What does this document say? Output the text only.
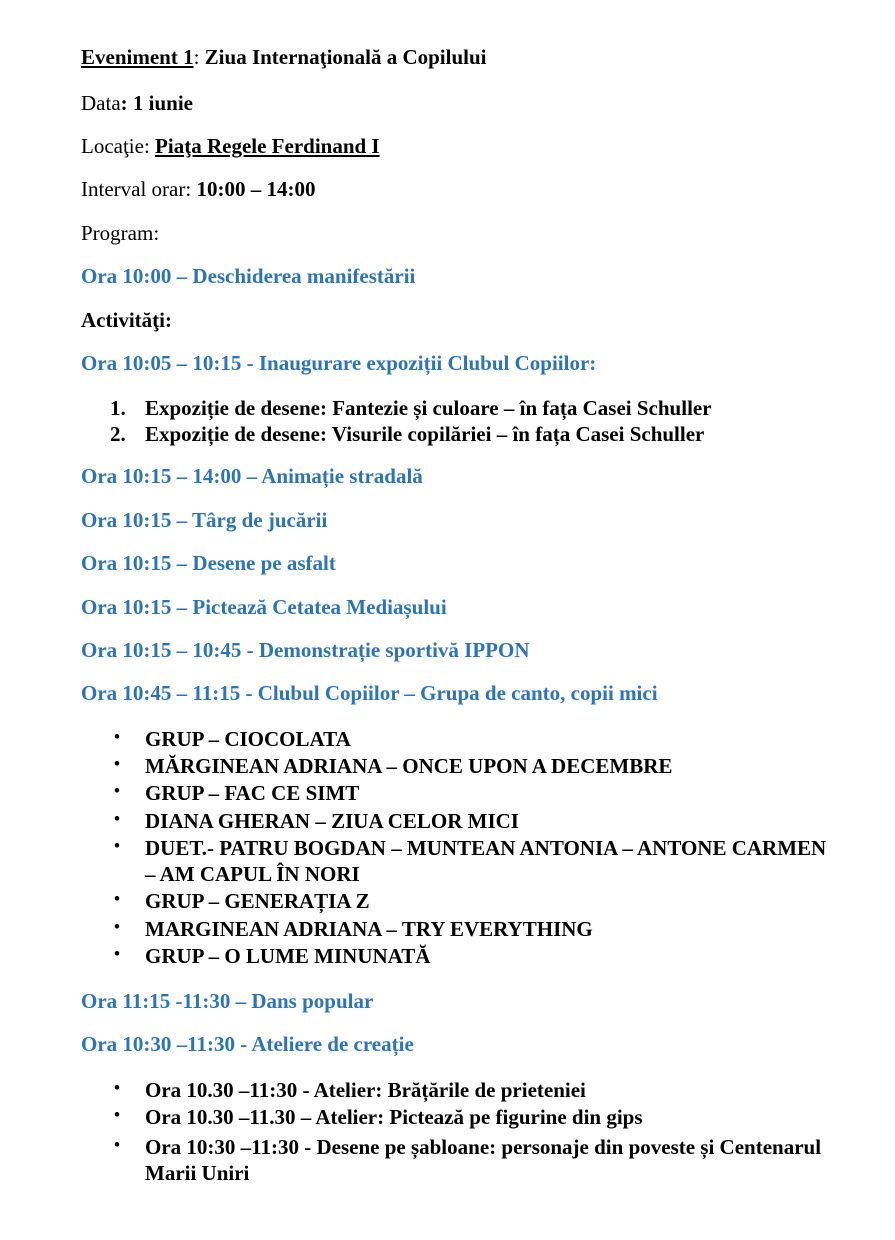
Eveniment 1: Ziua Internaţională a Copilului
Data: 1 iunie
Locaţie: Piaţa Regele Ferdinand I
Interval orar: 10:00 – 14:00
Program:
Ora 10:00 – Deschiderea manifestării
Activităţi:
Ora 10:05 – 10:15 - Inaugurare expoziții Clubul Copiilor:
1. Expoziție de desene: Fantezie și culoare – în fața Casei Schuller
2. Expoziție de desene: Visurile copilăriei – în fața Casei Schuller
Ora 10:15 – 14:00 – Animație stradală
Ora 10:15 – Târg de jucării
Ora 10:15 – Desene pe asfalt
Ora 10:15 – Pictează Cetatea Mediașului
Ora 10:15 – 10:45 - Demonstrație sportivă IPPON
Ora 10:45 – 11:15 - Clubul Copiilor – Grupa de canto, copii mici
• GRUP – CIOCOLATA
• MĂRGINEAN ADRIANA – ONCE UPON A DECEMBRE
• GRUP – FAC CE SIMT
• DIANA GHERAN – ZIUA CELOR MICI
• DUET.- PATRU BOGDAN – MUNTEAN ANTONIA – ANTONE CARMEN
– AM CAPUL ÎN NORI
• GRUP – GENERAȚIA Z
• MARGINEAN ADRIANA – TRY EVERYTHING
• GRUP – O LUME MINUNATĂ
Ora 11:15 -11:30 – Dans popular
Ora 10:30 –11:30 - Ateliere de creație
• Ora 10.30 –11:30 - Atelier: Brățările de prieteniei
• Ora 10.30 –11.30 – Atelier: Pictează pe figurine din gips
• Ora 10:30 –11:30 - Desene pe șabloane: personaje din poveste și Centenarul
Marii Uniri
